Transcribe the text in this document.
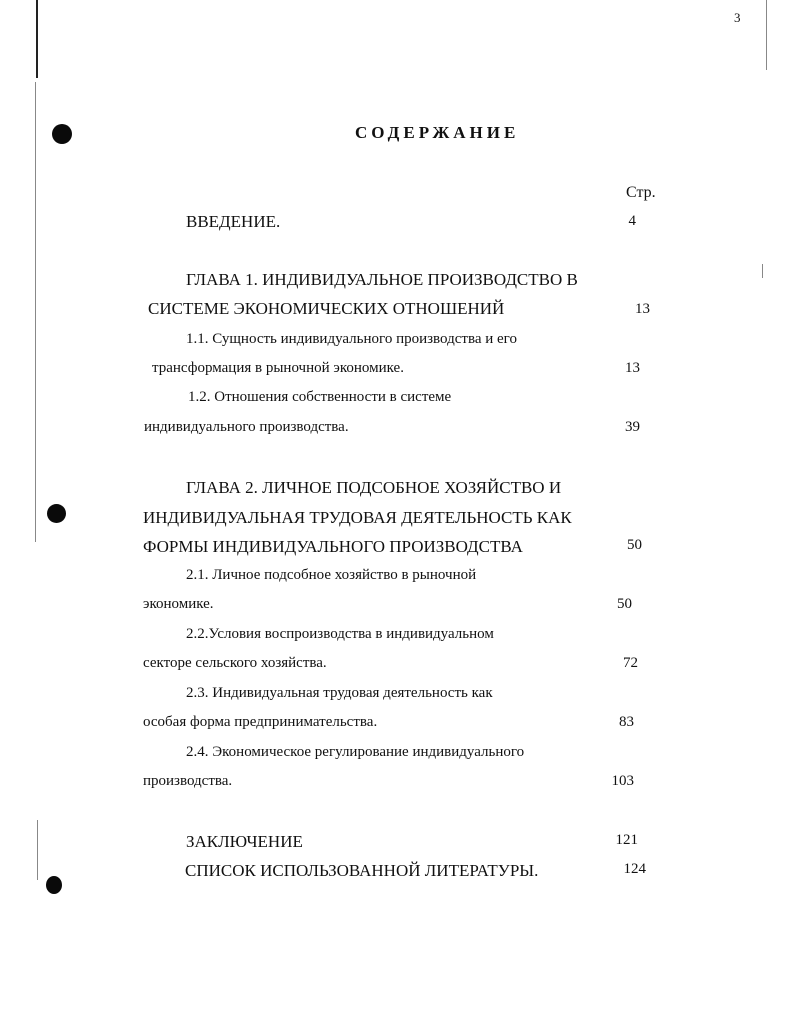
3
СОДЕРЖАНИЕ
Стр.
ВВЕДЕНИЕ.	4
ГЛАВА 1. ИНДИВИДУАЛЬНОЕ ПРОИЗВОДСТВО В
СИСТЕМЕ ЭКОНОМИЧЕСКИХ ОТНОШЕНИЙ	13
1.1. Сущность индивидуального производства и его
трансформация в рыночной экономике.	13
1.2. Отношения собственности в системе
индивидуального производства.	39
ГЛАВА 2. ЛИЧНОЕ ПОДСОБНОЕ ХОЗЯЙСТВО И
ИНДИВИДУАЛЬНАЯ ТРУДОВАЯ ДЕЯТЕЛЬНОСТЬ КАК
ФОРМЫ ИНДИВИДУАЛЬНОГО ПРОИЗВОДСТВА	50
2.1. Личное подсобное хозяйство в рыночной
экономике.	50
2.2.Условия воспроизводства в индивидуальном
секторе сельского хозяйства.	72
2.3. Индивидуальная трудовая деятельность как
особая форма предпринимательства.	83
2.4. Экономическое регулирование индивидуального
производства.	103
ЗАКЛЮЧЕНИЕ	121
СПИСОК ИСПОЛЬЗОВАННОЙ ЛИТЕРАТУРЫ.	124
